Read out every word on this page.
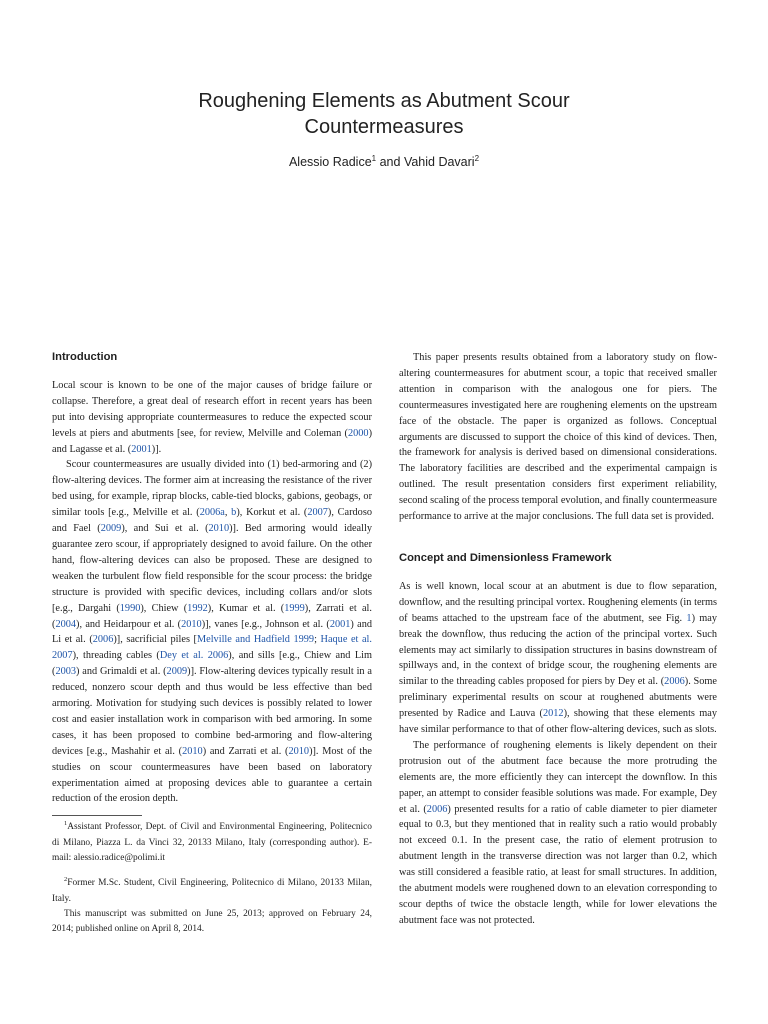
Roughening Elements as Abutment Scour
Countermeasures
Alessio Radice$^1$ and Vahid Davari$^2$
Introduction

Local scour is known to be one of the major causes of bridge failure or collapse. Therefore, a great deal of research effort in recent years has been put into devising appropriate countermeasures to reduce the expected scour levels at piers and abutments [see, for review, Melville and Coleman (2000) and Lagasse et al. (2001)].

Scour countermeasures are usually divided into (1) bed-armoring and (2) flow-altering devices. The former aim at increasing the resistance of the river bed using, for example, riprap blocks, cable-tied blocks, gabions, geobags, or similar tools [e.g., Melville et al. (2006a, b), Korkut et al. (2007), Cardoso and Fael (2009), and Sui et al. (2010)]. Bed armoring would ideally guarantee zero scour, if appropriately designed to avoid failure. On the other hand, flow-altering devices can also be proposed. These are designed to weaken the turbulent flow field responsible for the scour process: the bridge structure is provided with specific devices, including collars and/or slots [e.g., Dargahi (1990), Chiew (1992), Kumar et al. (1999), Zarrati et al. (2004), and Heidarpour et al. (2010)], vanes [e.g., Johnson et al. (2001) and Li et al. (2006)], sacrificial piles [Melville and Hadfield 1999; Haque et al. 2007), threading cables (Dey et al. 2006), and sills [e.g., Chiew and Lim (2003) and Grimaldi et al. (2009)]. Flow-altering devices typically result in a reduced, nonzero scour depth and thus would be less effective than bed armoring. Motivation for studying such devices is possibly related to lower cost and easier installation work in comparison with bed armoring. In some cases, it has been proposed to combine bed-armoring and flow-altering devices [e.g., Mashahir et al. (2010) and Zarrati et al. (2010)]. Most of the studies on scour countermeasures have been based on laboratory experimentation aimed at proposing devices able to guarantee a certain reduction of the erosion depth.

$^1$Assistant Professor, Dept. of Civil and Environmental Engineering, Politecnico di Milano, Piazza L. da Vinci 32, 20133 Milano, Italy (corresponding author). E-mail: alessio.radice@polimi.it

$^2$Former M.Sc. Student, Civil Engineering, Politecnico di Milano, 20133 Milan, Italy.

This manuscript was submitted on June 25, 2013; approved on February 24, 2014; published online on April 8, 2014.

This paper presents results obtained from a laboratory study on flow-altering countermeasures for abutment scour, a topic that received smaller attention in comparison with the analogous one for piers. The countermeasures investigated here are roughening elements on the upstream face of the obstacle. The paper is organized as follows. Conceptual arguments are discussed to support the choice of this kind of devices. Then, the framework for analysis is derived based on dimensional considerations. The laboratory facilities are described and the experimental campaign is outlined. The result presentation considers first experiment reliability, second scaling of the process temporal evolution, and finally countermeasure performance to arrive at the major conclusions. The full data set is provided.

Concept and Dimensionless Framework

As is well known, local scour at an abutment is due to flow separation, downflow, and the resulting principal vortex. Roughening elements (in terms of beams attached to the upstream face of the abutment, see Fig. 1) may break the downflow, thus reducing the action of the principal vortex. Such elements may act similarly to dissipation structures in basins downstream of spillways and, in the context of bridge scour, the roughening elements are similar to the threading cables proposed for piers by Dey et al. (2006). Some preliminary experimental results on scour at roughened abutments were presented by Radice and Lauva (2012), showing that these elements may have similar performance to that of other flow-altering devices, such as slots.

The performance of roughening elements is likely dependent on their protrusion out of the abutment face because the more protruding the elements are, the more efficiently they can intercept the downflow. In this paper, an attempt to consider feasible solutions was made. For example, Dey et al. (2006) presented results for a ratio of cable diameter to pier diameter equal to 0.3, but they mentioned that in reality such a ratio would probably not exceed 0.1. In the present case, the ratio of element protrusion to abutment length in the transverse direction was not larger than 0.2, which was still considered a feasible ratio, at least for small structures. In addition, the abutment models were roughened down to an elevation corresponding to scour depths of twice the obstacle length, while for lower elevations the abutment face was not protected.
